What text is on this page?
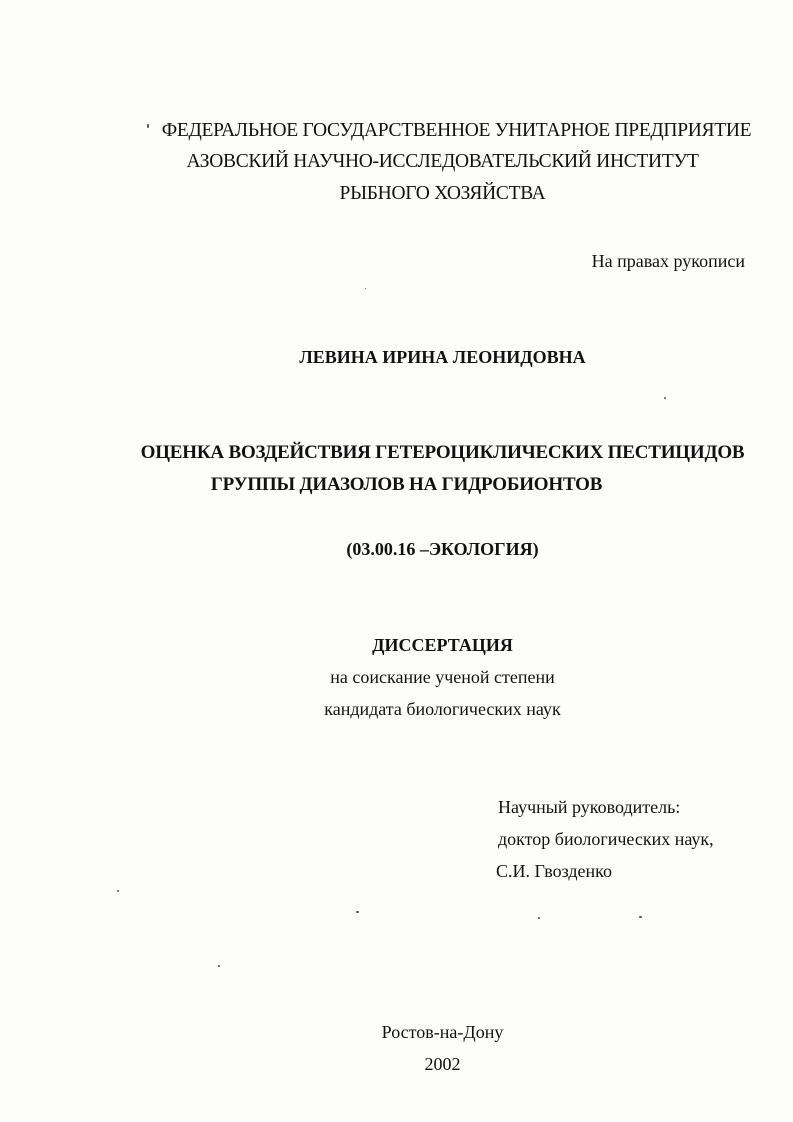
ФЕДЕРАЛЬНОЕ ГОСУДАРСТВЕННОЕ УНИТАРНОЕ ПРЕДПРИЯТИЕ
АЗОВСКИЙ НАУЧНО-ИССЛЕДОВАТЕЛЬСКИЙ ИНСТИТУТ
РЫБНОГО ХОЗЯЙСТВА
На правах рукописи
ЛЕВИНА ИРИНА ЛЕОНИДОВНА
ОЦЕНКА ВОЗДЕЙСТВИЯ ГЕТЕРОЦИКЛИЧЕСКИХ ПЕСТИЦИДОВ
ГРУППЫ ДИАЗОЛОВ НА ГИДРОБИОНТОВ
(03.00.16 –ЭКОЛОГИЯ)
ДИССЕРТАЦИЯ
на соискание ученой степени
кандидата биологических наук
Научный руководитель:
доктор биологических наук,
С.И. Гвозденко
Ростов-на-Дону
2002
